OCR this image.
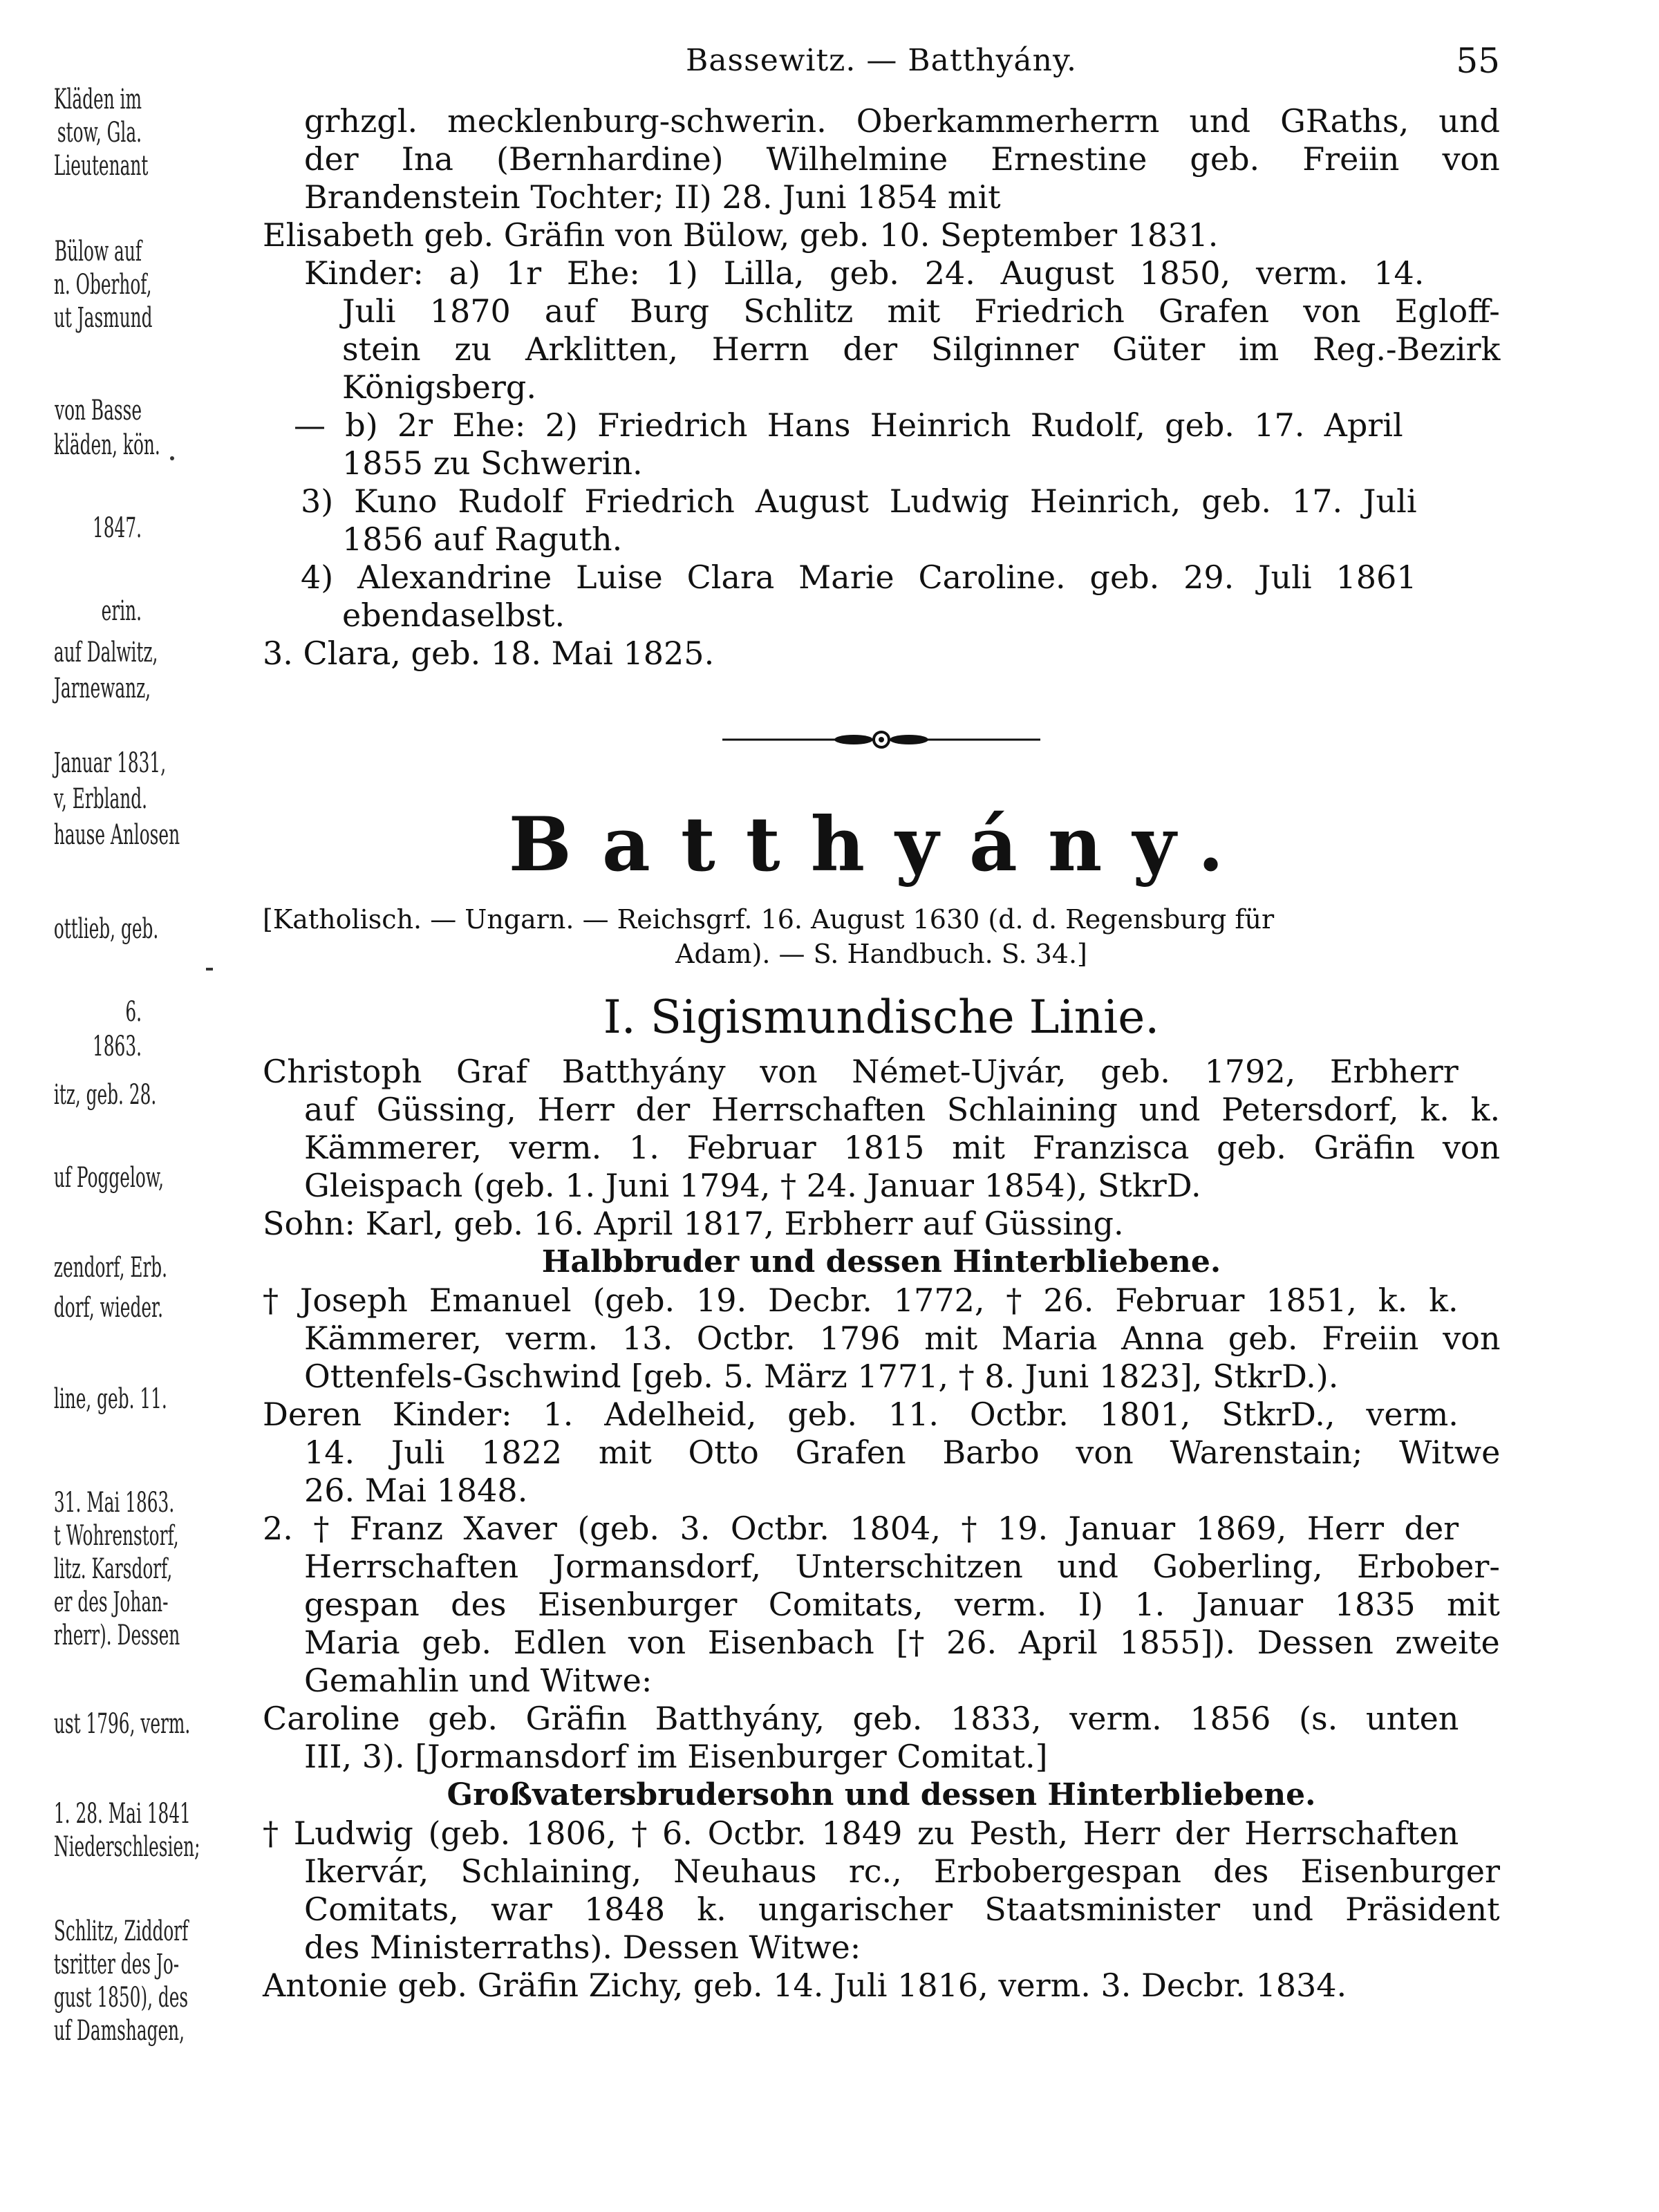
Kläden im
stow, Gla.
Lieutenant
Bülow auf
n. Oberhof,
ut Jasmund
von Basse
kläden, kön.
1847.
erin.
auf Dalwitz,
Jarnewanz,
Januar 1831,
v, Erbland.
hause Anlosen
ottlieb, geb.
6.
1863.
itz, geb. 28.
uf Poggelow,
zendorf, Erb.
dorf, wieder.
line, geb. 11.
31. Mai 1863.
t Wohrenstorf,
litz. Karsdorf,
er des Johan-
rherr). Dessen
ust 1796, verm.
1. 28. Mai 1841
Niederschlesien;
Schlitz, Ziddorf
tsritter des Jo-
gust 1850), des
uf Damshagen,
Bassewitz. — Batthyány.	55
grhzgl. mecklenburg-schwerin. Oberkammerherrn und GRaths, und
der Ina (Bernhardine) Wilhelmine Ernestine geb. Freiin von
Brandenstein Tochter; II) 28. Juni 1854 mit
Elisabeth geb. Gräfin von Bülow, geb. 10. September 1831.
Kinder: a) 1r Ehe: 1) Lilla, geb. 24. August 1850, verm. 14.
Juli 1870 auf Burg Schlitz mit Friedrich Grafen von Egloff-
stein zu Arklitten, Herrn der Silginner Güter im Reg.-Bezirk
Königsberg.
— b) 2r Ehe: 2) Friedrich Hans Heinrich Rudolf, geb. 17. April
1855 zu Schwerin.
3) Kuno Rudolf Friedrich August Ludwig Heinrich, geb. 17. Juli
1856 auf Raguth.
4) Alexandrine Luise Clara Marie Caroline. geb. 29. Juli 1861
ebendaselbst.
3. Clara, geb. 18. Mai 1825.
Batthyány.
[Katholisch. — Ungarn. — Reichsgrf. 16. August 1630 (d. d. Regensburg für
Adam). — S. Handbuch. S. 34.]
I. Sigismundische Linie.
Christoph Graf Batthyány von Német-Ujvár, geb. 1792, Erbherr
auf Güssing, Herr der Herrschaften Schlaining und Petersdorf, k. k.
Kämmerer, verm. 1. Februar 1815 mit Franzisca geb. Gräfin von
Gleispach (geb. 1. Juni 1794, † 24. Januar 1854), StkrD.
Sohn: Karl, geb. 16. April 1817, Erbherr auf Güssing.
Halbbruder und dessen Hinterbliebene.
† Joseph Emanuel (geb. 19. Decbr. 1772, † 26. Februar 1851, k. k.
Kämmerer, verm. 13. Octbr. 1796 mit Maria Anna geb. Freiin von
Ottenfels-Gschwind [geb. 5. März 1771, † 8. Juni 1823], StkrD.).
Deren Kinder: 1. Adelheid, geb. 11. Octbr. 1801, StkrD., verm.
14. Juli 1822 mit Otto Grafen Barbo von Warenstain; Witwe
26. Mai 1848.
2. † Franz Xaver (geb. 3. Octbr. 1804, † 19. Januar 1869, Herr der
Herrschaften Jormansdorf, Unterschitzen und Goberling, Erbober-
gespan des Eisenburger Comitats, verm. I) 1. Januar 1835 mit
Maria geb. Edlen von Eisenbach [† 26. April 1855]). Dessen zweite
Gemahlin und Witwe:
Caroline geb. Gräfin Batthyány, geb. 1833, verm. 1856 (s. unten
III, 3). [Jormansdorf im Eisenburger Comitat.]
Großvatersbrudersohn und dessen Hinterbliebene.
† Ludwig (geb. 1806, † 6. Octbr. 1849 zu Pesth, Herr der Herrschaften
Ikervár, Schlaining, Neuhaus rc., Erbobergespan des Eisenburger
Comitats, war 1848 k. ungarischer Staatsminister und Präsident
des Ministerraths). Dessen Witwe:
Antonie geb. Gräfin Zichy, geb. 14. Juli 1816, verm. 3. Decbr. 1834.
